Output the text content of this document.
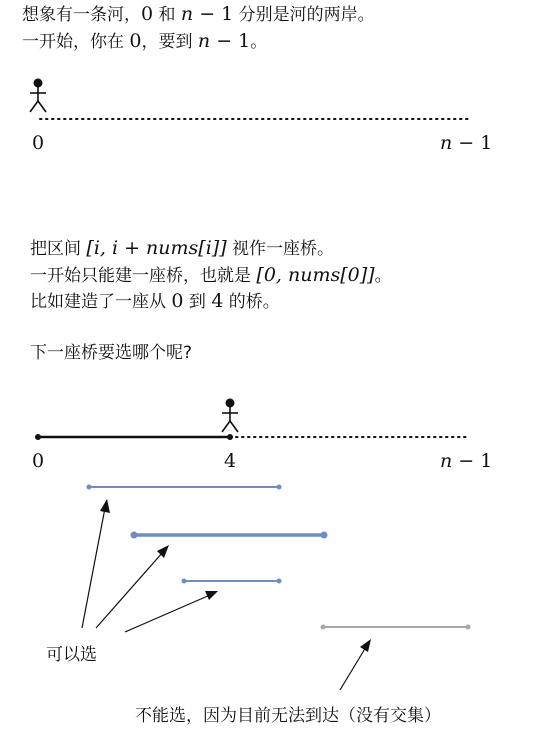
想象有一条河，0 和 n − 1 分别是河的两岸。
一开始，你在 0，要到 n − 1。
0	n − 1
把区间 [i, i + nums[i]] 视作一座桥。
一开始只能建一座桥，也就是 [0, nums[0]]。
比如建造了一座从 0 到 4 的桥。
下一座桥要选哪个呢?
0	4	n − 1
可以选
不能选，因为目前无法到达（没有交集）
